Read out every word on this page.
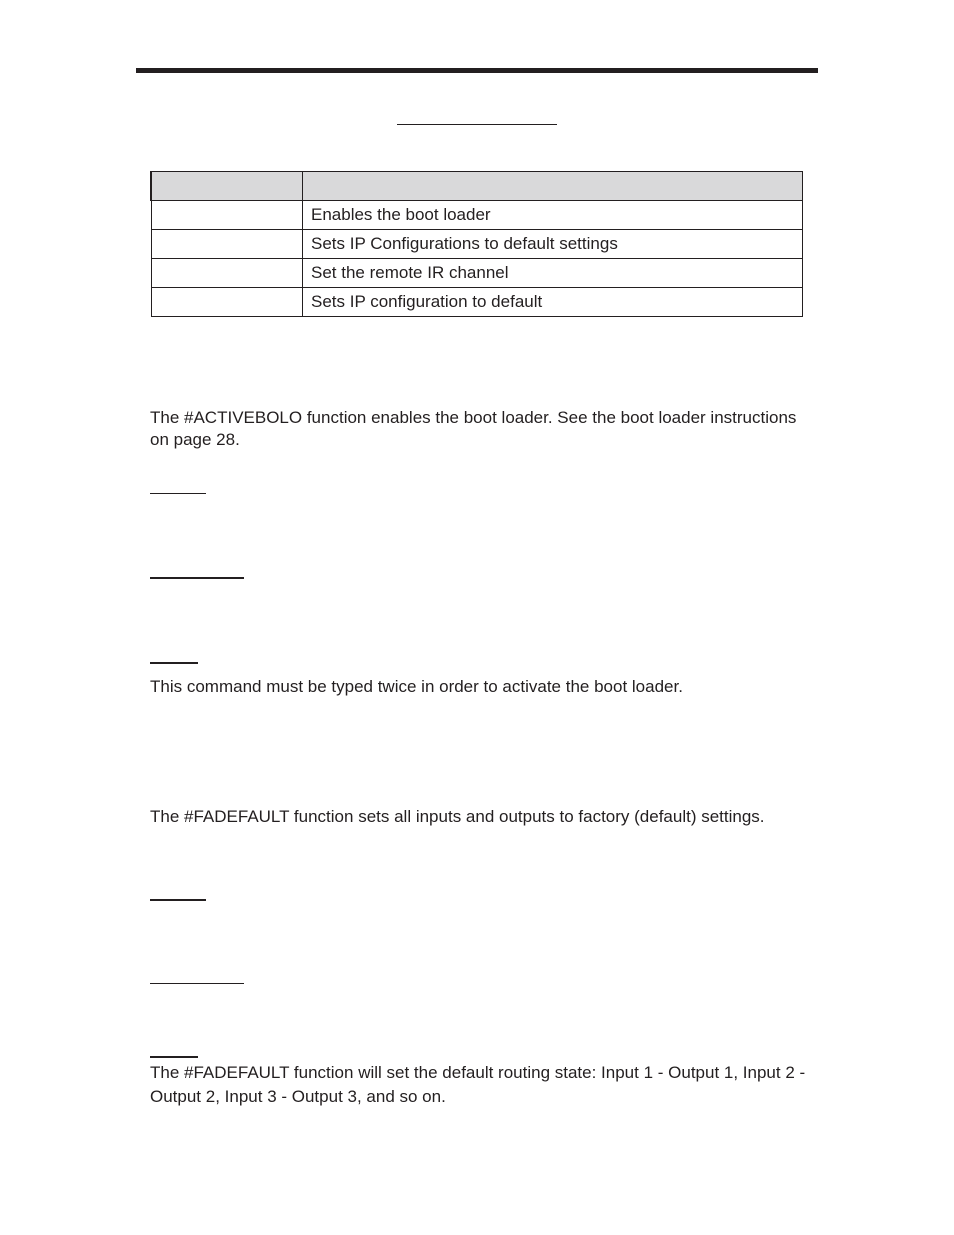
	Enables the boot loader
	Sets IP Configurations to default settings
	Set the remote IR channel
	Sets IP configuration to default

The #ACTIVEBOLO function enables the boot loader. See the boot loader instructions on page 28.

This command must be typed twice in order to activate the boot loader.

The #FADEFAULT function sets all inputs and outputs to factory (default) settings.

The #FADEFAULT function will set the default routing state: Input 1 - Output 1, Input 2 - Output 2, Input 3 - Output 3, and so on.
